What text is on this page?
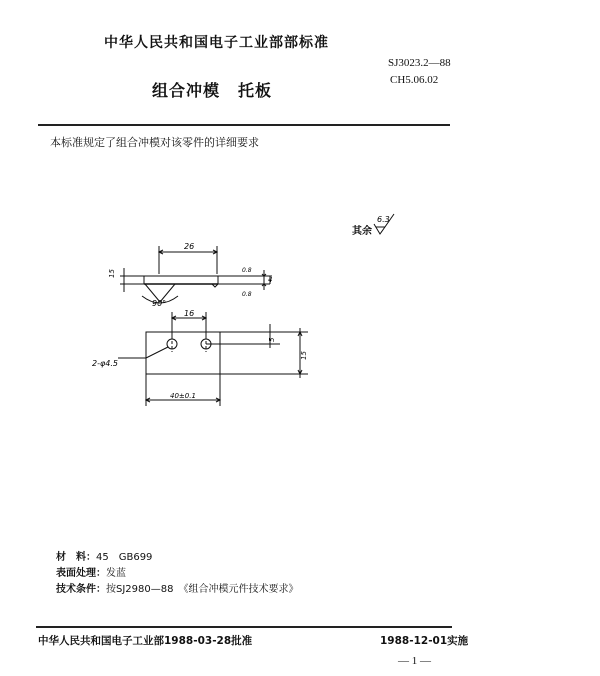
中华人民共和国电子工业部部标准
SJ3023.2—88
组合冲模 托板
CH5.06.02
本标准规定了组合冲模对该零件的详细要求
其余
6.3
26
15	0.8
4
0.8
90°
16
2-φ4.5
5
15
40±0.1
材　料：45　GB699
表面处理：发蓝
技术条件：按SJ2980—88　《组合冲模元件技术要求》
中华人民共和国电子工业部1988-03-28批准	1988-12-01实施
— 1 —
